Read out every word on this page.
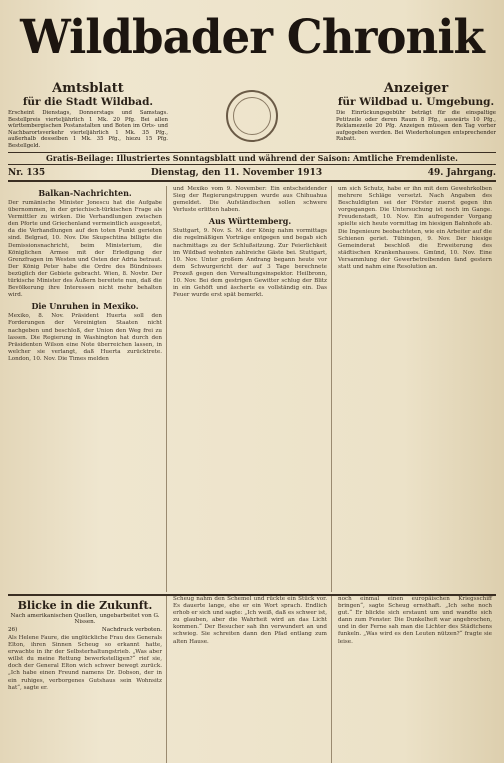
Wildbader Chronik
Amtsblatt
für die Stadt Wildbad.
Erscheint Dienstags, Donnerstags und Samstags. Bestellpreis vierteljährlich 1 Mk. 20 Pfg. Bei allen württembergischen Postanstalten und Boten im Orts- und Nachbarortsverkehr vierteljährlich 1 Mk. 35 Pfg., außerhalb desselben 1 Mk. 35 Pfg., hiezu 15 Pfg. Bestellgeld.
Anzeiger
für Wildbad u. Umgebung.
Die Einrückungsgebühr beträgt für die einspaltige Petitzeile oder deren Raum 8 Pfg., auswärts 10 Pfg., Reklamezeile 20 Pfg. Anzeigen müssen den Tag vorher aufgegeben werden. Bei Wiederholungen entsprechender Rabatt.
Gratis-Beilage: Illustriertes Sonntagsblatt und während der Saison: Amtliche Fremdenliste.
Nr. 135	Dienstag, den 11. November 1913	49. Jahrgang.
Balkan-Nachrichten.
Der rumänische Minister Jonescu hat die Aufgabe übernommen, in der griechisch-türkischen Frage als Vermittler zu wirken. Die Verhandlungen zwischen den Pforte und Griechenland vermeintlich ausgesetzt, da die Verhandlungen auf den toten Punkt gerieten sind. Belgrad, 10. Nov. Die Skupschtina billigte die Demissionsnachricht, beim Ministerium, die Königlichen Armee mit der Erledigung der Grenzfragen im Westen und Osten der Adria betraut. Der König Peter habe die Ordre des Bündnisses bezüglich der Gebiete gebracht. Wien, 8. Novbr. Der türkische Minister des Äußern bereitete nun, daß die Bevölkerung ihre Interessen nicht mehr behalten wird.
Die Unruhen in Mexiko.
Mexiko, 8. Nov. Präsident Huerta soll den Forderungen der Vereinigten Staaten nicht nachgeben und beschloß, der Union den Weg frei zu lassen. Die Regierung in Washington hat durch den Präsidenten Wilson eine Note überreichen lassen, in welcher sie verlangt, daß Huerta zurücktrete. London, 10. Nov. Die Times melden
und Mexiko vom 9. November: Ein entscheidender Sieg der Regierungstruppen wurde aus Chihuahua gemeldet. Die Aufständischen sollen schwere Verluste erlitten haben.
Aus Württemberg.
Stuttgart, 9. Nov. S. M. der König nahm vormittags die regelmäßigen Vorträge entgegen und begab sich nachmittags zu der Schlußsitzung. Zur Feierlichkeit im Wildbad wohnten zahlreiche Gäste bei. Stuttgart, 10. Nov. Unter großem Andrang begann heute vor dem Schwurgericht der auf 3 Tage berechnete Prozeß gegen den Verwaltungsinspektor. Heilbronn, 10. Nov. Bei dem gestrigen Gewitter schlug der Blitz in ein Gehöft und äscherte es vollständig ein. Das Feuer wurde erst spät bemerkt.
um sich Schutz, habe er ihn mit dem Gewehrkolben mehrere Schläge versetzt. Nach Angaben des Beschuldigten sei der Förster zuerst gegen ihn vorgegangen. Die Untersuchung ist noch im Gange. Freudenstadt, 10. Nov. Ein aufregender Vorgang spielte sich heute vormittag im hiesigen Bahnhofe ab. Die Ingenieure beobachteten, wie ein Arbeiter auf die Schienen geriet. Tübingen, 9. Nov. Der hiesige Gemeinderat beschloß die Erweiterung des städtischen Krankenhauses. Gmünd, 10. Nov. Eine Versammlung der Gewerbetreibenden fand gestern statt und nahm eine Resolution an.
Blicke in die Zukunft.
Nach amerikanischen Quellen, ungebarbeitet von G. Nissen.
26)	Nachdruck verboten.
Als Helene Faure, die unglückliche Frau des Generals Elton, ihren Sinnen Scheug so erkannt hatte, erwachte in ihr der Selbsterhaltungstrieb. „Was aber willst du meine Rettung bewerkstelligen?“ rief sie, doch der General Elton wich schwer bewegt zurück. „Ich habe einen Freund namens Dr. Dobson, der in ein ruhiges, verborgenes Gutshaus sein Wohnsitz hat“, sagte er.
Scheug nahm den Schemel und rückte ein Stück vor. Es dauerte lange, ehe er ein Wort sprach. Endlich erhob er sich und sagte: „Ich weiß, daß es schwer ist, zu glauben, aber die Wahrheit wird an das Licht kommen.“ Der Besucher sah ihn verwundert an und schwieg. Sie schreiten dann den Pfad entlang zum alten Hause.
noch einmal einen europäischen Kriegsschiff bringen“, sagte Scheug ernsthaft. „Ich sehe noch gut.“ Er blickte sich erstaunt um und wandte sich dann zum Fenster. Die Dunkelheit war angebrochen, und in der Ferne sah man die Lichter des Städtchens funkeln. „Was wird es den Leuten nützen?“ fragte sie leise.
